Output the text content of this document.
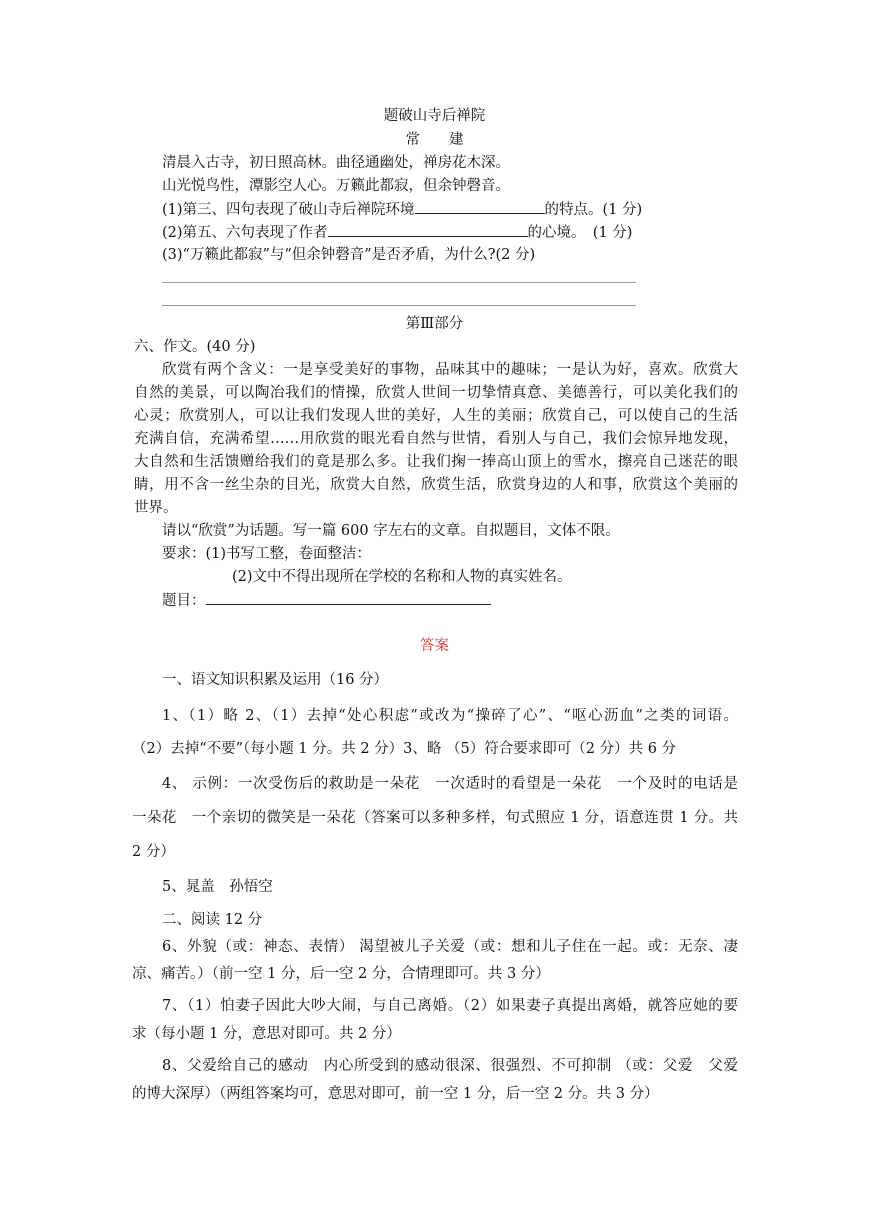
题破山寺后禅院
常　　建
清晨入古寺，初日照高林。曲径通幽处，禅房花木深。
山光悦鸟性，潭影空人心。万籁此都寂，但余钟磬音。
(1)第三、四句表现了破山寺后禅院环境	的特点。(1 分)
(2)第五、六句表现了作者	的心境。　(1 分)
(3)“万籁此都寂”与“但余钟磬音”是否矛盾，为什么?(2 分)
第Ⅲ部分
六、作文。(40 分)
欣赏有两个含义：一是享受美好的事物，品味其中的趣味；一是认为好，喜欢。欣赏大
自然的美景，可以陶冶我们的情操，欣赏人世间一切挚情真意、美德善行，可以美化我们的
心灵；欣赏别人，可以让我们发现人世的美好，人生的美丽；欣赏自己，可以使自己的生活
充满自信，充满希望……用欣赏的眼光看自然与世情，看别人与自己，我们会惊异地发现，
大自然和生活馈赠给我们的竟是那么多。让我们掬一捧高山顶上的雪水，擦亮自己迷茫的眼
睛，用不含一丝尘杂的目光，欣赏大自然，欣赏生活，欣赏身边的人和事，欣赏这个美丽的
世界。
请以“欣赏”为话题。写一篇 600 字左右的文章。自拟题目，文体不限。
要求：(1)书写工整，卷面整洁：
(2)文中不得出现所在学校的名称和人物的真实姓名。
题目：
答案
一、语文知识积累及运用（16 分）
1、（1）略 2、（1）去掉“处心积虑”或改为“操碎了心”、“呕心沥血”之类的词语。
（2）去掉“不要”（每小题 1 分。共 2 分）3、略 （5）符合要求即可（2 分）共 6 分
4、 示例：一次受伤后的救助是一朵花　一次适时的看望是一朵花　一个及时的电话是
一朵花　一个亲切的微笑是一朵花（答案可以多种多样，句式照应 1 分，语意连贯 1 分。共
2 分）
5、晁盖　孙悟空
二、阅读 12 分
6、外貌（或：神态、表情） 渴望被儿子关爱（或：想和儿子住在一起。或：无奈、凄
凉、痛苦。）（前一空 1 分，后一空 2 分，合情理即可。共 3 分）
7、（1）怕妻子因此大吵大闹，与自己离婚。（2）如果妻子真提出离婚，就答应她的要
求（每小题 1 分，意思对即可。共 2 分）
8、父爱给自己的感动　内心所受到的感动很深、很强烈、不可抑制 （或：父爱　父爱
的博大深厚）（两组答案均可，意思对即可，前一空 1 分，后一空 2 分。共 3 分）
